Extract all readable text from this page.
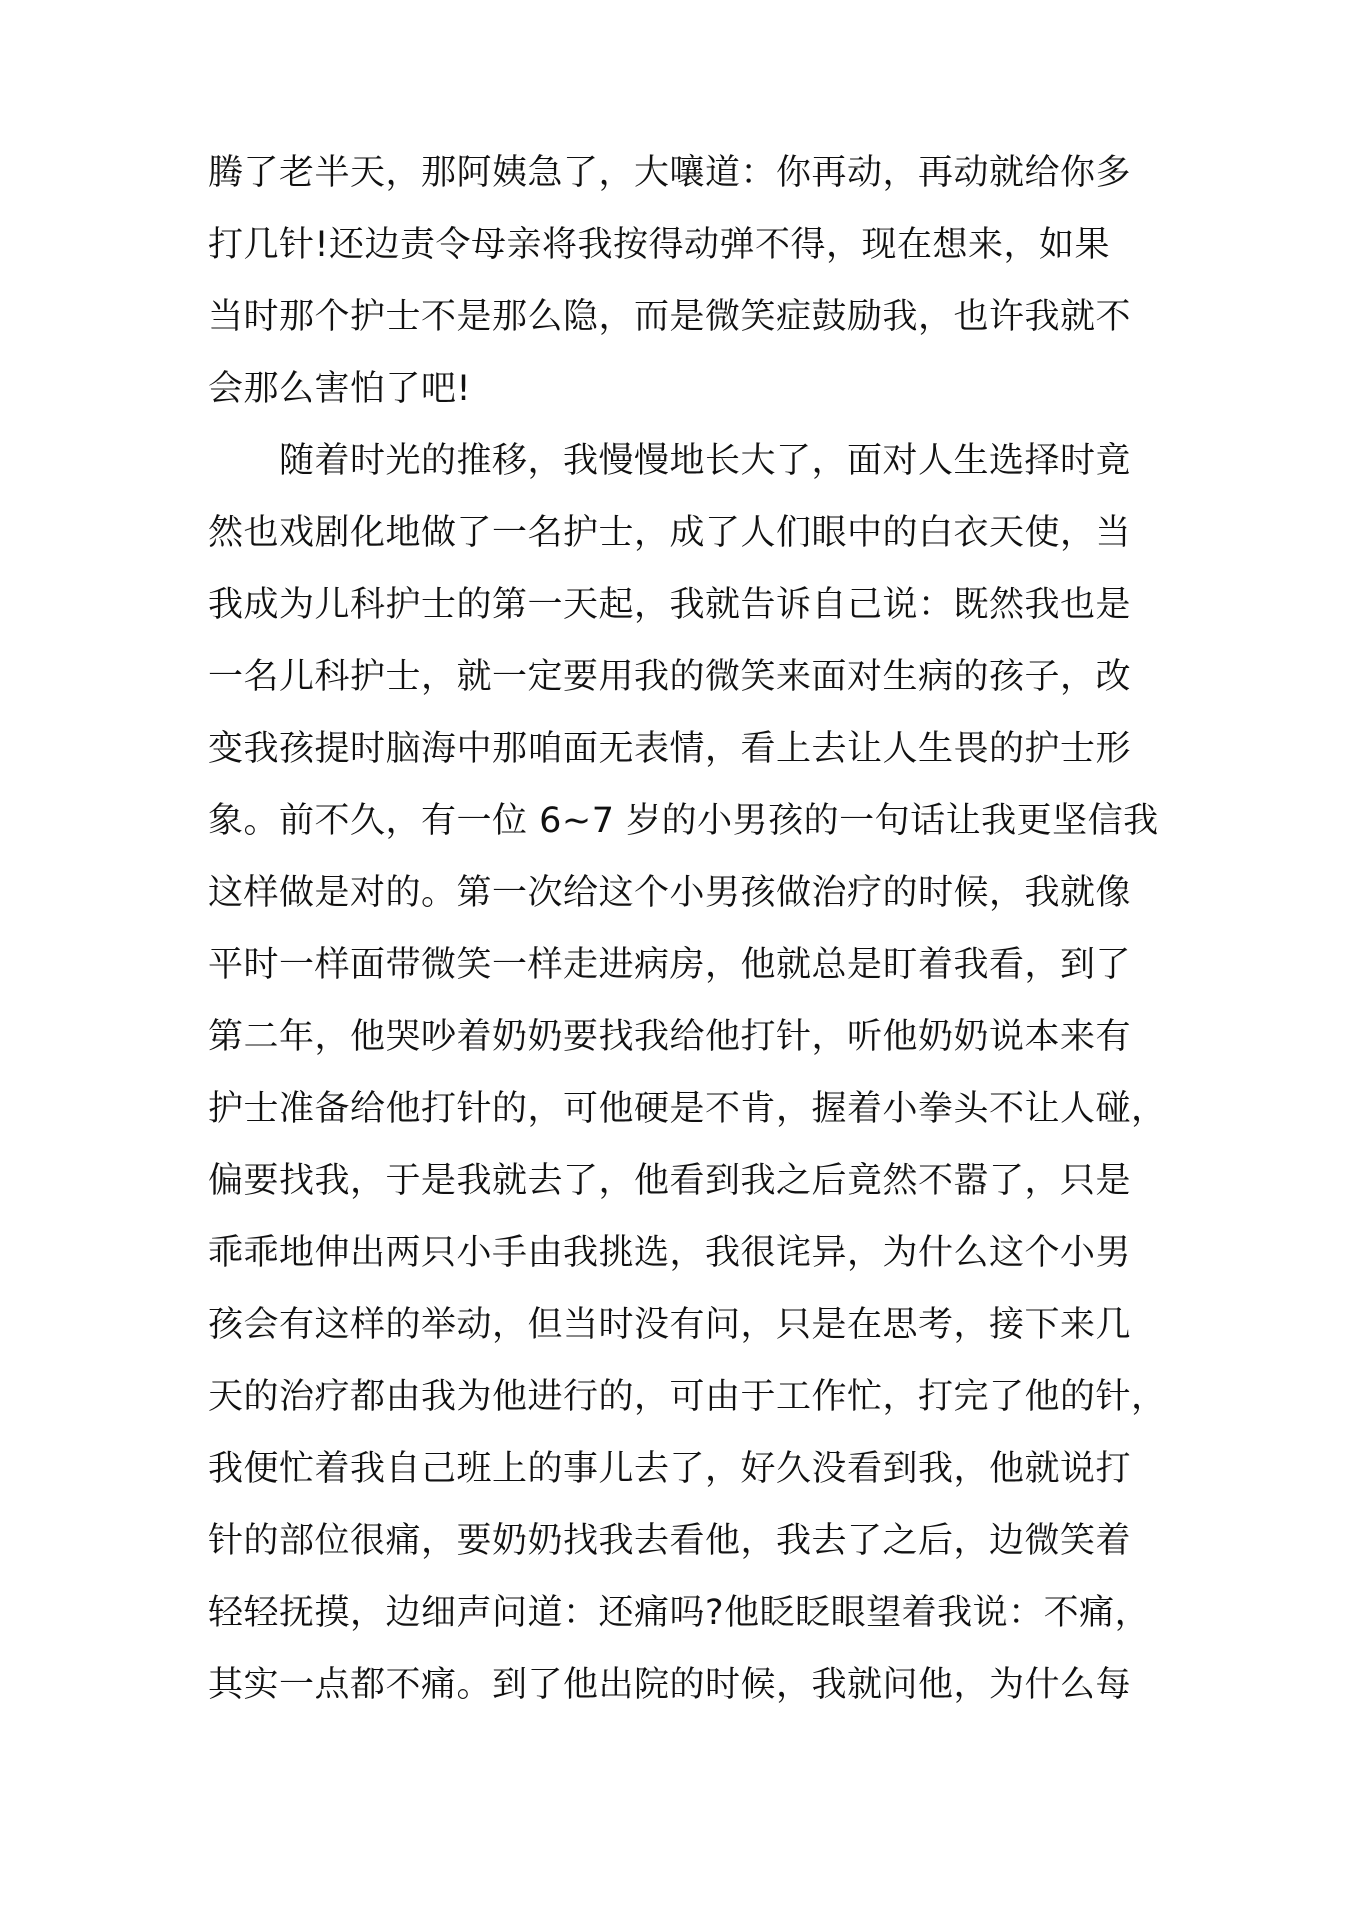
腾了老半天，那阿姨急了，大嚷道：你再动，再动就给你多
打几针!还边责令母亲将我按得动弹不得，现在想来，如果
当时那个护士不是那么隐，而是微笑症鼓励我，也许我就不
会那么害怕了吧!
　　随着时光的推移，我慢慢地长大了，面对人生选择时竟
然也戏剧化地做了一名护士，成了人们眼中的白衣天使，当
我成为儿科护士的第一天起，我就告诉自己说：既然我也是
一名儿科护士，就一定要用我的微笑来面对生病的孩子，改
变我孩提时脑海中那咱面无表情，看上去让人生畏的护士形
象。前不久，有一位 6~7 岁的小男孩的一句话让我更坚信我
这样做是对的。第一次给这个小男孩做治疗的时候，我就像
平时一样面带微笑一样走进病房，他就总是盯着我看，到了
第二年，他哭吵着奶奶要找我给他打针，听他奶奶说本来有
护士准备给他打针的，可他硬是不肯，握着小拳头不让人碰，
偏要找我，于是我就去了，他看到我之后竟然不嚣了，只是
乖乖地伸出两只小手由我挑选，我很诧异，为什么这个小男
孩会有这样的举动，但当时没有问，只是在思考，接下来几
天的治疗都由我为他进行的，可由于工作忙，打完了他的针，
我便忙着我自己班上的事儿去了，好久没看到我，他就说打
针的部位很痛，要奶奶找我去看他，我去了之后，边微笑着
轻轻抚摸，边细声问道：还痛吗?他眨眨眼望着我说：不痛，
其实一点都不痛。到了他出院的时候，我就问他，为什么每
